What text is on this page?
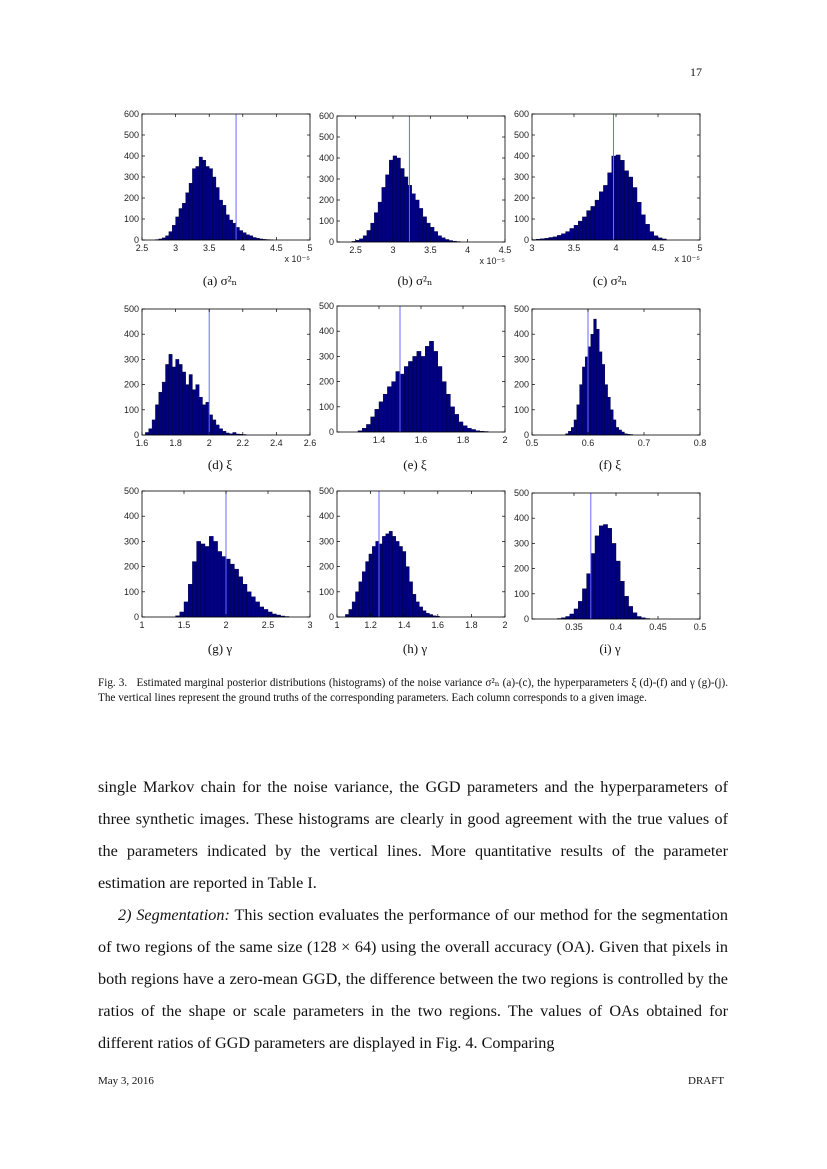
17
0
100
200
300
400
500
600
2.5	3	3.5	4	4.5	5
x 10⁻⁵
0
100
200
300
400
500
600
2.5	3	3.5	4	4.5
x 10⁻⁵
0
100
200
300
400
500
600
3	3.5	4	4.5	5
x 10⁻⁵
0
100
200
300
400
500
1.6 1.8	2	2.2 2.4 2.6
0
100
200
300
400
500
1.4	1.6	1.8	2 0
100
200
300
400
500
0.5	0.6	0.7	0.8
0
100
200
300
400
500
1	1.5	2	2.5	3
0
100
200
300
400
500
1	1.2 1.4 1.6 1.8	2
0
100
200
300
400
500
0.35	0.4	0.45	0.5
(a) σ²ₙ	(b) σ²ₙ	(c) σ²ₙ
(d) ξ	(e) ξ	(f) ξ
(g) γ	(h) γ	(i) γ
Fig. 3. Estimated marginal posterior distributions (histograms) of the noise variance σ²ₙ (a)-(c), the hyperparameters ξ (d)-(f) and γ (g)-(j). The vertical lines represent the ground truths of the corresponding parameters. Each column corresponds to a given image.

single Markov chain for the noise variance, the GGD parameters and the hyperparameters of three synthetic images. These histograms are clearly in good agreement with the true values of the parameters indicated by the vertical lines. More quantitative results of the parameter estimation are reported in Table I.

2) Segmentation: This section evaluates the performance of our method for the segmentation of two regions of the same size (128 × 64) using the overall accuracy (OA). Given that pixels in both regions have a zero-mean GGD, the difference between the two regions is controlled by the ratios of the shape or scale parameters in the two regions. The values of OAs obtained for different ratios of GGD parameters are displayed in Fig. 4. Comparing

May 3, 2016	DRAFT
